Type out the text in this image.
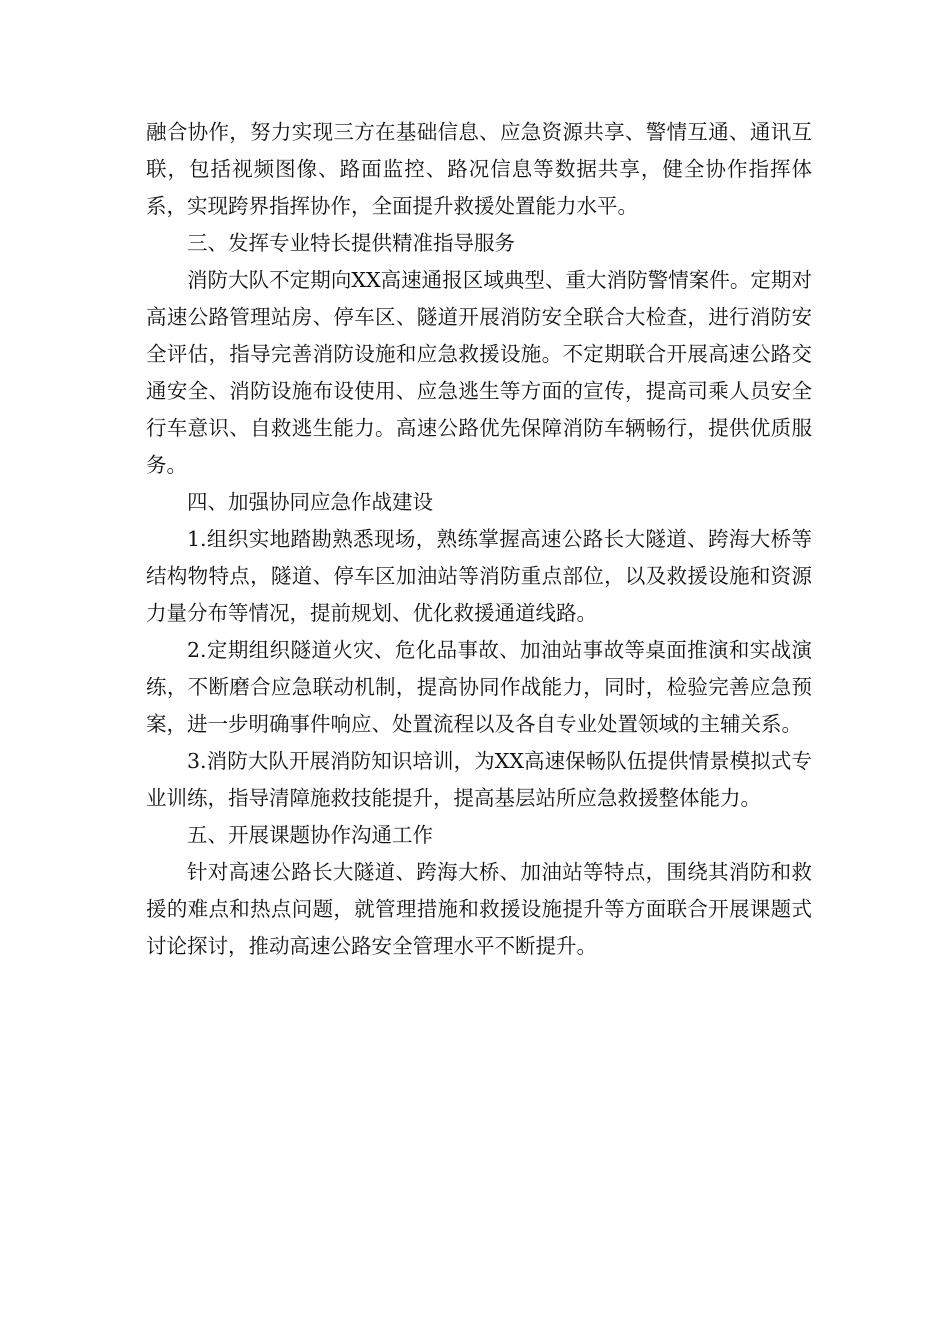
融合协作，努力实现三方在基础信息、应急资源共享、警情互通、通讯互联，包括视频图像、路面监控、路况信息等数据共享，健全协作指挥体系，实现跨界指挥协作，全面提升救援处置能力水平。

三、发挥专业特长提供精准指导服务

消防大队不定期向XX高速通报区域典型、重大消防警情案件。定期对高速公路管理站房、停车区、隧道开展消防安全联合大检查，进行消防安全评估，指导完善消防设施和应急救援设施。不定期联合开展高速公路交通安全、消防设施布设使用、应急逃生等方面的宣传，提高司乘人员安全行车意识、自救逃生能力。高速公路优先保障消防车辆畅行，提供优质服务。

四、加强协同应急作战建设

1.组织实地踏勘熟悉现场，熟练掌握高速公路长大隧道、跨海大桥等结构物特点，隧道、停车区加油站等消防重点部位，以及救援设施和资源力量分布等情况，提前规划、优化救援通道线路。

2.定期组织隧道火灾、危化品事故、加油站事故等桌面推演和实战演练，不断磨合应急联动机制，提高协同作战能力，同时，检验完善应急预案，进一步明确事件响应、处置流程以及各自专业处置领域的主辅关系。

3.消防大队开展消防知识培训，为XX高速保畅队伍提供情景模拟式专业训练，指导清障施救技能提升，提高基层站所应急救援整体能力。

五、开展课题协作沟通工作

针对高速公路长大隧道、跨海大桥、加油站等特点，围绕其消防和救援的难点和热点问题，就管理措施和救援设施提升等方面联合开展课题式讨论探讨，推动高速公路安全管理水平不断提升。
